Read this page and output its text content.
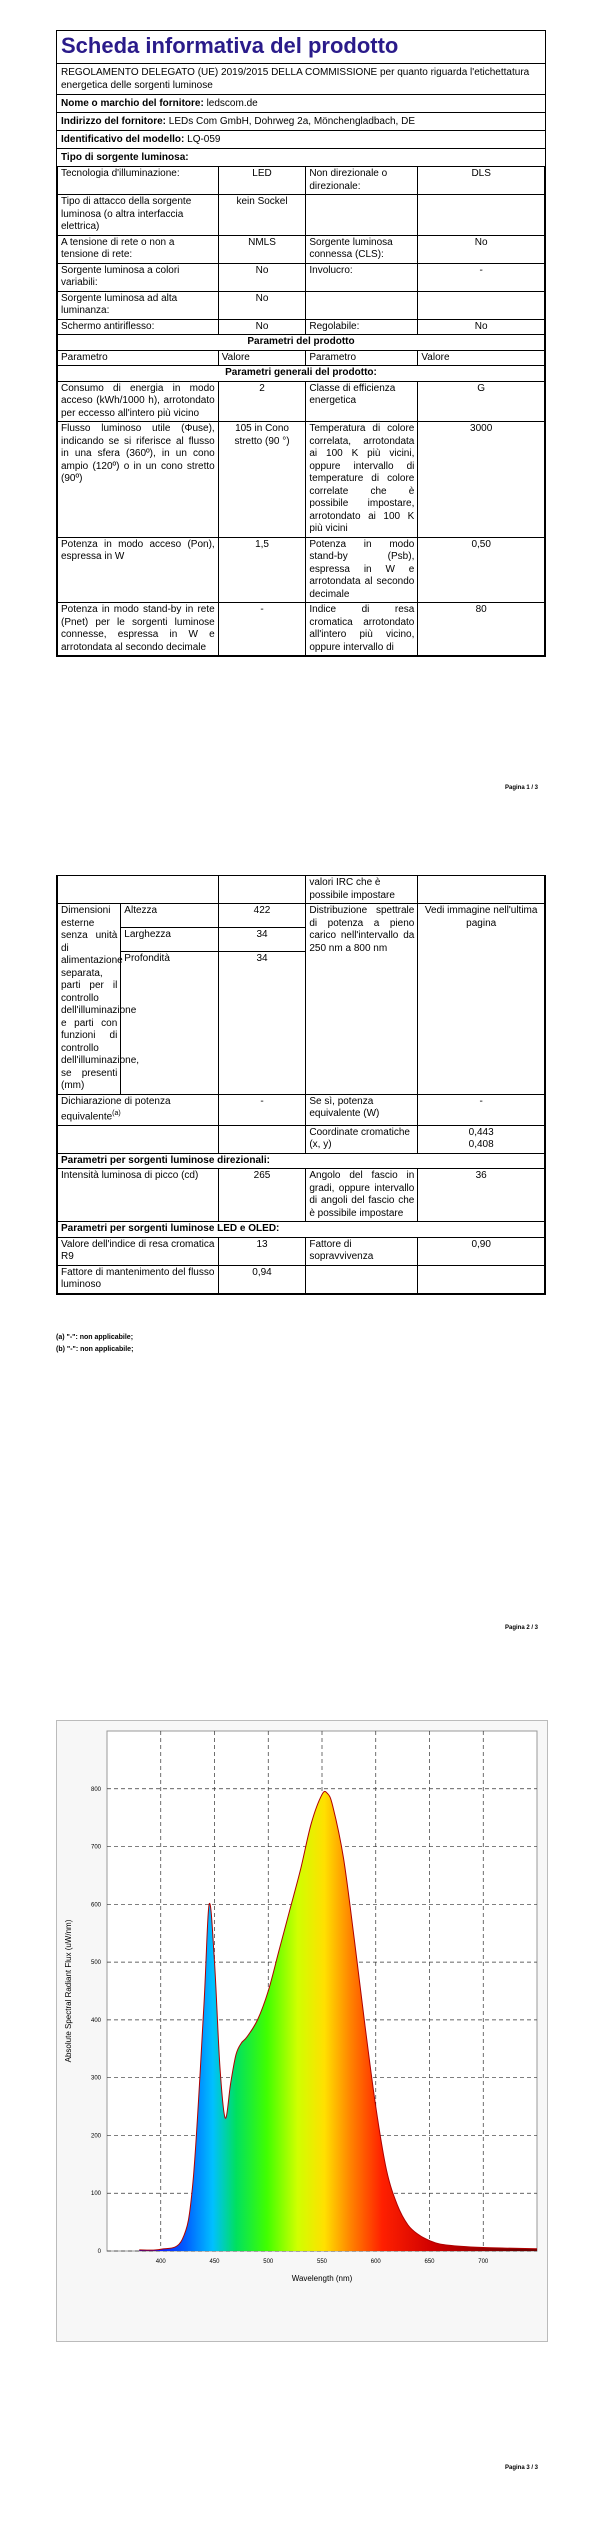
Scheda informativa del prodotto
REGOLAMENTO DELEGATO (UE) 2019/2015 DELLA COMMISSIONE per quanto riguarda l'etichettatura energetica delle sorgenti luminose
Nome o marchio del fornitore: ledscom.de
Indirizzo del fornitore: LEDs Com GmbH, Dohrweg 2a, Mönchengladbach, DE
Identificativo del modello: LQ-059
Tipo di sorgente luminosa:
Tecnologia d'illuminazione:	LED	Non direzionale o direzionale:	DLS
Tipo di attacco della sorgente luminosa (o altra interfaccia elettrica)	kein Sockel		
A tensione di rete o non a tensione di rete:	NMLS	Sorgente luminosa connessa (CLS):	No
Sorgente luminosa a colori variabili:	No	Involucro:	-
Sorgente luminosa ad alta luminanza:	No		
Schermo antiriflesso:	No	Regolabile:	No
Parametri del prodotto			
Parametro	Valore	Parametro	Valore
Parametri generali del prodotto:			
Consumo di energia in modo acceso (kWh/1000 h), arrotondato per eccesso all'intero più vicino	2	Classe di efficienza energetica	G
Flusso luminoso utile (Φuse), indicando se si riferisce al flusso in una sfera (360º), in un cono ampio (120º) o in un cono stretto (90º)	105 in Cono stretto (90 °)	Temperatura di colore correlata, arrotondata ai 100 K più vicini, oppure intervallo di temperature di colore correlate che è possibile impostare, arrotondato ai 100 K più vicini	3000
Potenza in modo acceso (Pon), espressa in W	1,5	Potenza in modo stand-by (Psb), espressa in W e arrotondata al secondo decimale	0,50
Potenza in modo stand-by in rete (Pnet) per le sorgenti luminose connesse, espressa in W e arrotondata al secondo decimale	-	Indice di resa cromatica arrotondato all'intero più vicino, oppure intervallo di	80
Pagina 1 / 3
			valori IRC che è possibile impostare	
Dimensioni esterne senza unità di alimentazione separata, parti per il controllo dell'illuminazione e parti con funzioni di controllo dell'illuminazione, se presenti (mm)	Altezza	422	Distribuzione spettrale di potenza a pieno carico nell'intervallo da 250 nm a 800 nm	Vedi immagine nell'ultima pagina
	Larghezza	34		
	Profondità	34		
Dichiarazione di potenza equivalente$^{(a)}$		-	Se sì, potenza equivalente (W)	-
			Coordinate cromatiche (x, y)	0,443
0,408

Parametri per sorgenti luminose direzionali:				
Intensità luminosa di picco (cd)		265	Angolo del fascio in gradi, oppure intervallo di angoli del fascio che è possibile impostare	36
Parametri per sorgenti luminose LED e OLED:				
Valore dell'indice di resa cromatica R9		13	Fattore di sopravvivenza	0,90
Fattore di mantenimento del flusso luminoso		0,94		
(a) "-": non applicabile;
(b) "-": non applicabile;
Pagina 2 / 3
400	450	500	550	600	650	700
0
100
200
300
400
500
600
700
800
Wavelength (nm)
Absolute Spectral Radiant Flux (uW/nm)
Pagina 3 / 3
